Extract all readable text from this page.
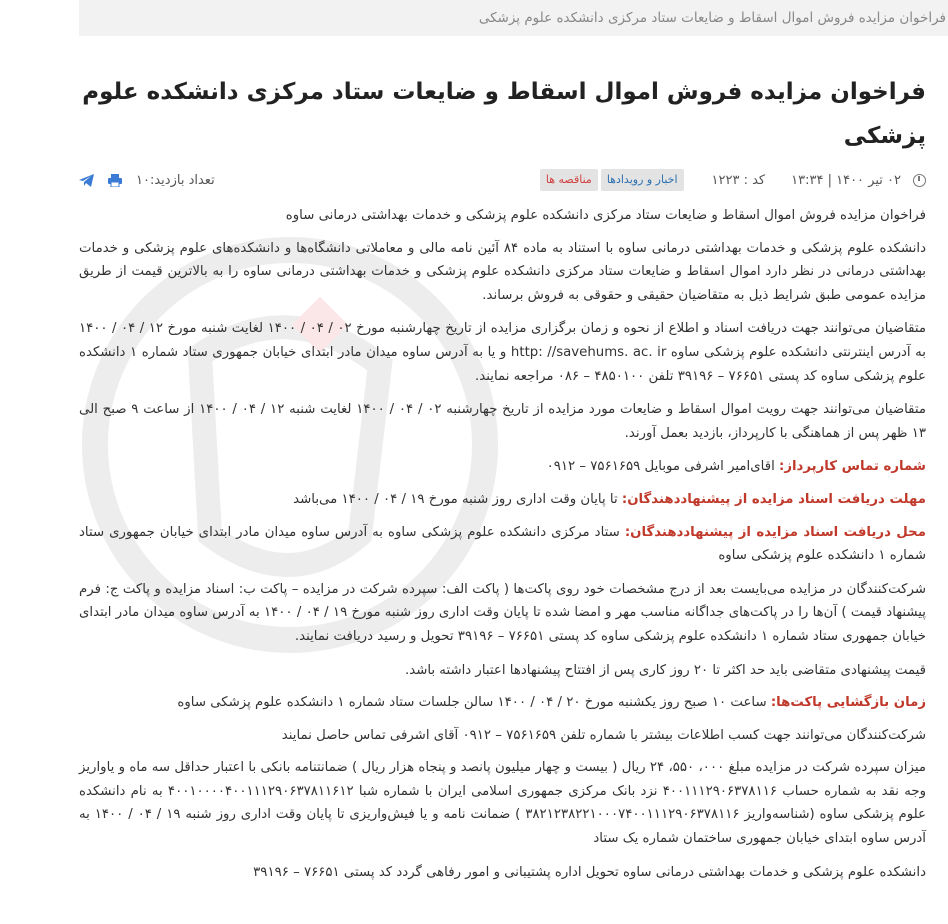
فراخوان مزایده فروش اموال اسقاط و ضایعات ستاد مرکزی دانشکده علوم پزشکی
فراخوان مزایده فروش اموال اسقاط و ضایعات ستاد مرکزی دانشکده علوم پزشکی
۰۲ تیر ۱۴۰۰ | ۱۳:۳۴
کد : ۱۲۲۳
اخبار و رویدادها
مناقصه ها
تعداد بازدید:۱۰

فراخوان مزایده فروش اموال اسقاط و ضایعات ستاد مرکزی دانشکده علوم پزشکی و خدمات بهداشتی درمانی ساوه

دانشکده علوم پزشکی و خدمات بهداشتی درمانی ساوه با استناد به ماده ۸۴ آئین نامه مالی و معاملاتی دانشگاه‌ها و دانشکده‌های علوم پزشکی و خدمات بهداشتی درمانی در نظر دارد اموال اسقاط و ضایعات ستاد مرکزی دانشکده علوم پزشکی و خدمات بهداشتی درمانی ساوه را به بالاترین قیمت از طریق مزایده عمومی طبق شرایط ذیل به متقاضیان حقیقی و حقوقی به فروش برساند.

متقاضیان می‌توانند جهت دریافت اسناد و اطلاع از نحوه و زمان برگزاری مزایده از تاریخ چهارشنبه مورخ ۰۲ / ۰۴ / ۱۴۰۰ لغایت شنبه مورخ ۱۲ / ۰۴ / ۱۴۰۰ به آدرس اینترنتی دانشکده علوم پزشکی ساوه http: //savehums. ac. ir و یا به آدرس ساوه میدان مادر ابتدای خیابان جمهوری ستاد شماره ۱ دانشکده علوم پزشکی ساوه کد پستی ۷۶۶۵۱ – ۳۹۱۹۶ تلفن ۴۸۵۰۱۰۰ – ۰۸۶ مراجعه نمایند.

متقاضیان می‌توانند جهت رویت اموال اسقاط و ضایعات مورد مزایده از تاریخ چهارشنبه ۰۲ / ۰۴ / ۱۴۰۰ لغایت شنبه ۱۲ / ۰۴ / ۱۴۰۰ از ساعت ۹ صبح الی ۱۳ ظهر پس از هماهنگی با کارپرداز، بازدید بعمل آورند.

شماره تماس کارپرداز: اقای‌امیر اشرفی موبایل ۷۵۶۱۶۵۹ – ۰۹۱۲

مهلت دریافت اسناد مزایده از پیشنهاددهندگان: تا پایان وقت اداری روز شنبه مورخ ۱۹ / ۰۴ / ۱۴۰۰ می‌باشد

محل دریافت اسناد مزایده از پیشنهاددهندگان: ستاد مرکزی دانشکده علوم پزشکی ساوه به آدرس ساوه میدان مادر ابتدای خیابان جمهوری ستاد شماره ۱ دانشکده علوم پزشکی ساوه

شرکت‌کنندگان در مزایده می‌بایست بعد از درج مشخصات خود روی پاکت‌ها ( پاکت الف: سپرده شرکت در مزایده – پاکت ب: اسناد مزایده و پاکت ج: فرم پیشنهاد قیمت ) آن‌ها را در پاکت‌های جداگانه مناسب مهر و امضا شده تا پایان وقت اداری روز شنبه مورخ ۱۹ / ۰۴ / ۱۴۰۰ به آدرس ساوه میدان مادر ابتدای خیابان جمهوری ستاد شماره ۱ دانشکده علوم پزشکی ساوه کد پستی ۷۶۶۵۱ – ۳۹۱۹۶ تحویل و رسید دریافت نمایند.

قیمت پیشنهادی متقاضی باید حد اکثر تا ۲۰ روز کاری پس از افتتاح پیشنهادها اعتبار داشته باشد.

زمان بازگشایی پاکت‌ها: ساعت ۱۰ صبح روز یکشنبه مورخ ۲۰ / ۰۴ / ۱۴۰۰ سالن جلسات ستاد شماره ۱ دانشکده علوم پزشکی ساوه

شرکت‌کنندگان می‌توانند جهت کسب اطلاعات بیشتر با شماره تلفن ۷۵۶۱۶۵۹ – ۰۹۱۲ آقای اشرفی تماس حاصل نمایند

میزان سپرده شرکت در مزایده مبلغ ۰۰۰، ۵۵۰، ۲۴ ریال ( بیست و چهار میلیون پانصد و پنجاه هزار ریال ) ضمانتنامه بانکی با اعتبار حداقل سه ماه و یاواریز وجه نقد به شماره حساب ۴۰۰۱۱۱۲۹۰۶۳۷۸۱۱۶ نزد بانک مرکزی جمهوری اسلامی ایران با شماره شبا ۴۰۰۱۰۰۰۰۴۰۰۱۱۱۲۹۰۶۳۷۸۱۱۶۱۲ به نام دانشکده علوم پزشکی ساوه (شناسه‌واریز ۳۸۲۱۲۳۸۲۲۱۰۰۰۷۴۰۰۱۱۱۲۹۰۶۳۷۸۱۱۶ ) ضمانت نامه و یا فیش‌واریزی تا پایان وقت اداری روز شنبه ۱۹ / ۰۴ / ۱۴۰۰ به آدرس ساوه ابتدای خیابان جمهوری ساختمان شماره یک ستاد

دانشکده علوم پزشکی و خدمات بهداشتی درمانی ساوه تحویل اداره پشتیبانی و امور رفاهی گردد کد پستی ۷۶۶۵۱ – ۳۹۱۹۶
